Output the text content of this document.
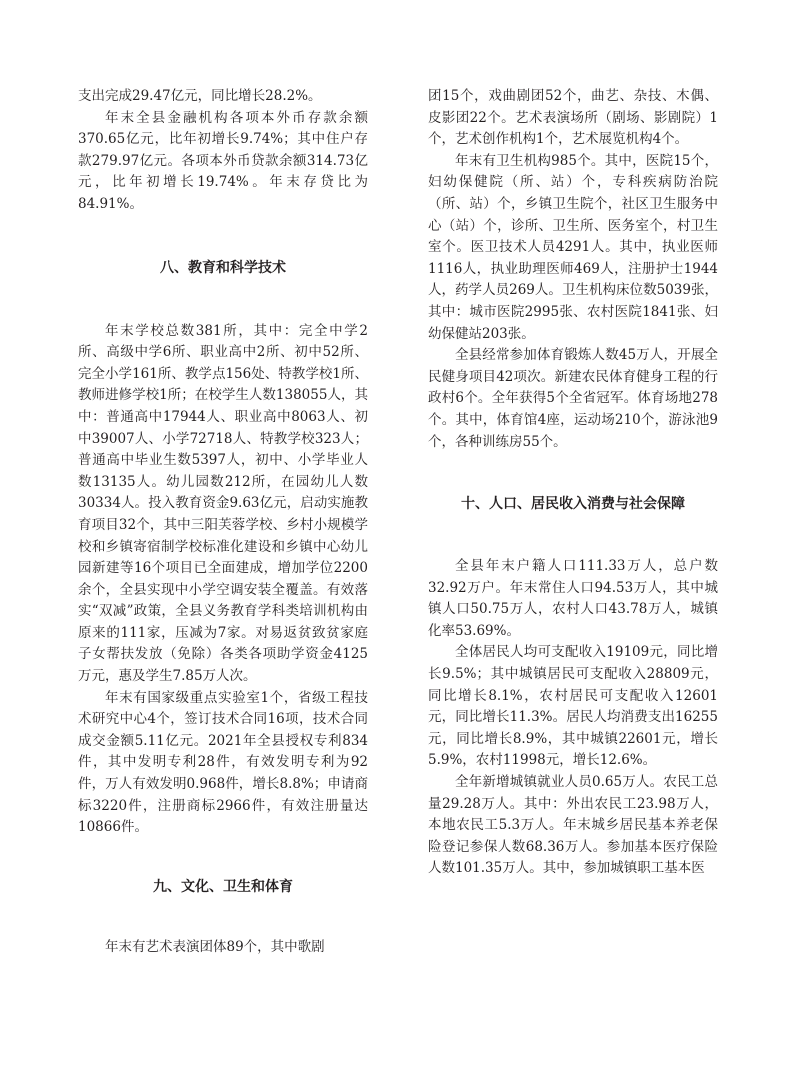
支出完成29.47亿元，同比增长28.2%。

年末全县金融机构各项本外币存款余额370.65亿元，比年初增长9.74%；其中住户存款279.97亿元。各项本外币贷款余额314.73亿元，比年初增长19.74%。年末存贷比为84.91%。

八、教育和科学技术

年末学校总数381所，其中：完全中学2所、高级中学6所、职业高中2所、初中52所、完全小学161所、教学点156处、特教学校1所、教师进修学校1所；在校学生人数138055人，其中：普通高中17944人、职业高中8063人、初中39007人、小学72718人、特教学校323人；普通高中毕业生数5397人，初中、小学毕业人数13135人。幼儿园数212所，在园幼儿人数30334人。投入教育资金9.63亿元，启动实施教育项目32个，其中三阳芙蓉学校、乡村小规模学校和乡镇寄宿制学校标准化建设和乡镇中心幼儿园新建等16个项目已全面建成，增加学位2200余个，全县实现中小学空调安装全覆盖。有效落实“双减”政策，全县义务教育学科类培训机构由原来的111家，压减为7家。对易返贫致贫家庭子女帮扶发放（免除）各类各项助学资金4125万元，惠及学生7.85万人次。

年末有国家级重点实验室1个，省级工程技术研究中心4个，签订技术合同16项，技术合同成交金额5.11亿元。2021年全县授权专利834件，其中发明专利28件，有效发明专利为92件，万人有效发明0.968件，增长8.8%；申请商标3220件，注册商标2966件，有效注册量达10866件。

九、文化、卫生和体育

年末有艺术表演团体89个，其中歌剧

团15个，戏曲剧团52个，曲艺、杂技、木偶、皮影团22个。艺术表演场所（剧场、影剧院）1个，艺术创作机构1个，艺术展览机构4个。

年末有卫生机构985个。其中，医院15个，妇幼保健院（所、站）个，专科疾病防治院（所、站）个，乡镇卫生院个，社区卫生服务中心（站）个，诊所、卫生所、医务室个，村卫生室个。医卫技术人员4291人。其中，执业医师1116人，执业助理医师469人，注册护士1944人，药学人员269人。卫生机构床位数5039张，其中：城市医院2995张、农村医院1841张、妇幼保健站203张。

全县经常参加体育锻炼人数45万人，开展全民健身项目42项次。新建农民体育健身工程的行政村6个。全年获得5个全省冠军。体育场地278个。其中，体育馆4座，运动场210个，游泳池9个，各种训练房55个。

十、人口、居民收入消费与社会保障

全县年末户籍人口111.33万人，总户数32.92万户。年末常住人口94.53万人，其中城镇人口50.75万人，农村人口43.78万人，城镇化率53.69%。

全体居民人均可支配收入19109元，同比增长9.5%；其中城镇居民可支配收入28809元，同比增长8.1%，农村居民可支配收入12601元，同比增长11.3%。居民人均消费支出16255元，同比增长8.9%，其中城镇22601元，增长5.9%，农村11998元，增长12.6%。

全年新增城镇就业人员0.65万人。农民工总量29.28万人。其中：外出农民工23.98万人，本地农民工5.3万人。年末城乡居民基本养老保险登记参保人数68.36万人。参加基本医疗保险人数101.35万人。其中，参加城镇职工基本医
